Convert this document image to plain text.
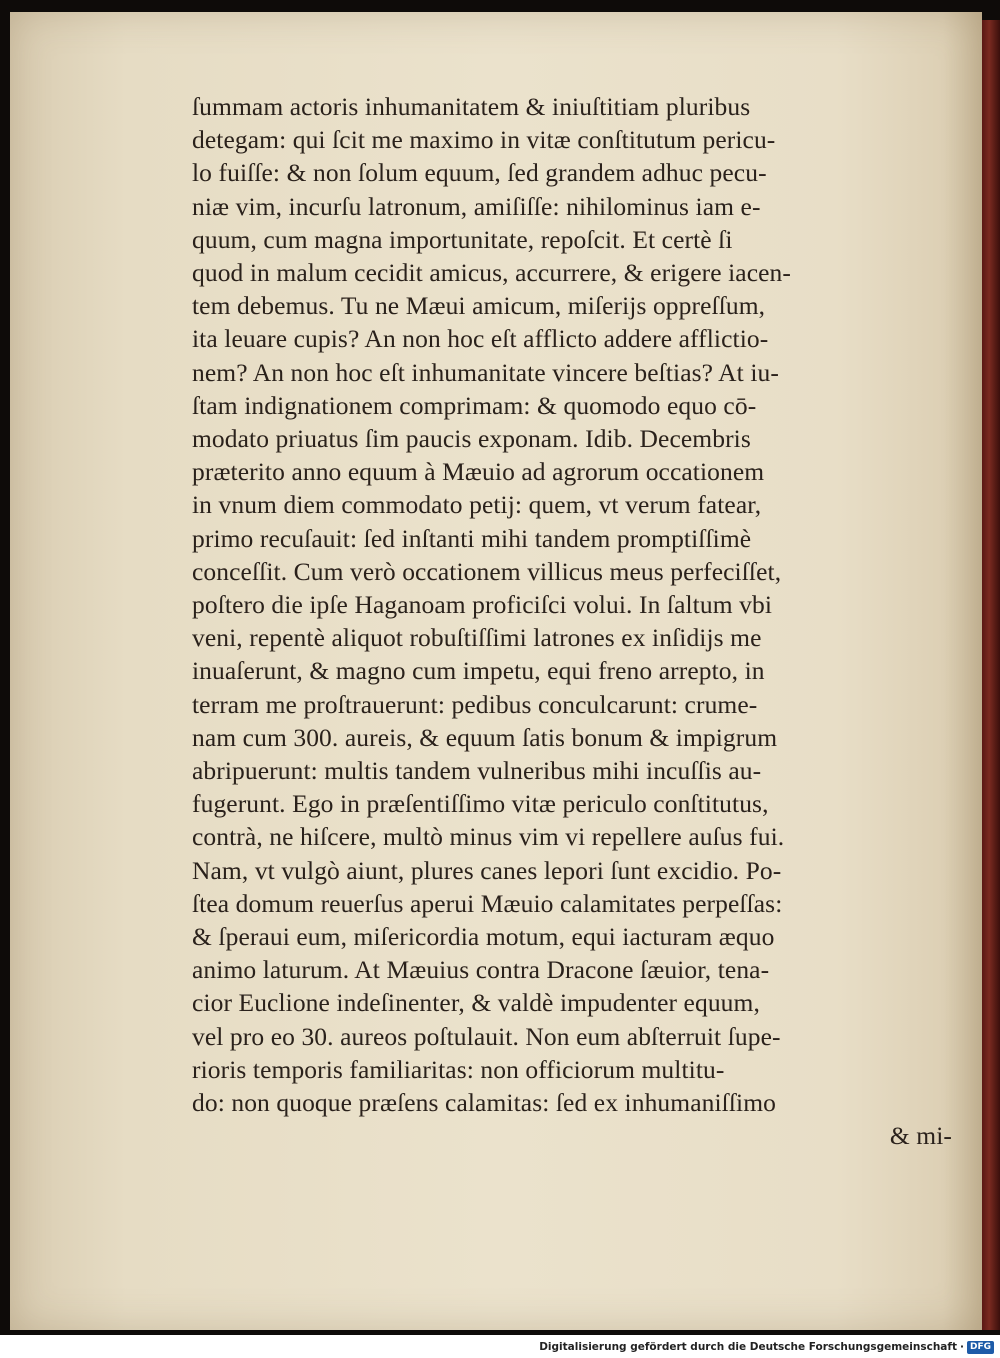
ſummam actoris inhumanitatem & iniuſtitiam pluribus
detegam: qui ſcit me maximo in vitæ conſtitutum pericu-
lo fuiſſe: & non ſolum equum, ſed grandem adhuc pecu-
niæ vim, incurſu latronum, amiſiſſe: nihilominus iam e-
quum, cum magna importunitate, repoſcit. Et certè ſi
quod in malum cecidit amicus, accurrere, & erigere iacen-
tem debemus. Tu ne Mæui amicum, miſerijs oppreſſum,
ita leuare cupis? An non hoc eſt afflicto addere afflictio-
nem? An non hoc eſt inhumanitate vincere beſtias? At iu-
ſtam indignationem comprimam: & quomodo equo cō-
modato priuatus ſim paucis exponam. Idib. Decembris
præterito anno equum à Mæuio ad agrorum occationem
in vnum diem commodato petij: quem, vt verum fatear,
primo recuſauit: ſed inſtanti mihi tandem promptiſſimè
conceſſit. Cum verò occationem villicus meus perfeciſſet,
poſtero die ipſe Haganoam proficiſci volui. In ſaltum vbi
veni, repentè aliquot robuſtiſſimi latrones ex inſidijs me
inuaſerunt, & magno cum impetu, equi freno arrepto, in
terram me proſtrauerunt: pedibus conculcarunt: crume-
nam cum 300. aureis, & equum ſatis bonum & impigrum
abripuerunt: multis tandem vulneribus mihi incuſſis au-
fugerunt. Ego in præſentiſſimo vitæ periculo conſtitutus,
contrà, ne hiſcere, multò minus vim vi repellere auſus fui.
Nam, vt vulgò aiunt, plures canes lepori ſunt excidio. Po-
ſtea domum reuerſus aperui Mæuio calamitates perpeſſas:
& ſperaui eum, miſericordia motum, equi iacturam æquo
animo laturum. At Mæuius contra Dracone ſæuior, tena-
cior Euclione indeſinenter, & valdè impudenter equum,
vel pro eo 30. aureos poſtulauit. Non eum abſterruit ſupe-
rioris temporis familiaritas: non officiorum multitu-
do: non quoque præſens calamitas: ſed ex inhumaniſſimo
& mi-
Digitalisierung gefördert durch die Deutsche Forschungsgemeinschaft · DFG
